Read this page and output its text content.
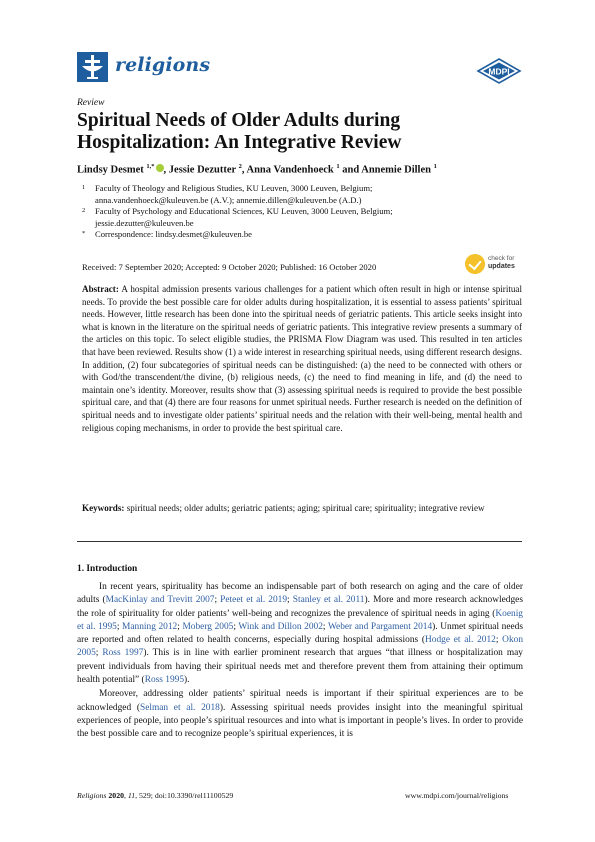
religions	MDPI
Review
Spiritual Needs of Older Adults during Hospitalization: An Integrative Review
Lindsy Desmet $^{1,*}$ , Jessie Dezutter $^2$, Anna Vandenhoeck $^1$ and Annemie Dillen $^1$
1 Faculty of Theology and Religious Studies, KU Leuven, 3000 Leuven, Belgium;
anna.vandenhoeck@kuleuven.be (A.V.); annemie.dillen@kuleuven.be (A.D.)
2 Faculty of Psychology and Educational Sciences, KU Leuven, 3000 Leuven, Belgium;
jessie.dezutter@kuleuven.be
* Correspondence: lindsy.desmet@kuleuven.be
Received: 7 September 2020; Accepted: 9 October 2020; Published: 16 October 2020
check for
updates
Abstract: A hospital admission presents various challenges for a patient which often result in high or intense spiritual needs. To provide the best possible care for older adults during hospitalization, it is essential to assess patients’ spiritual needs. However, little research has been done into the spiritual needs of geriatric patients. This article seeks insight into what is known in the literature on the spiritual needs of geriatric patients. This integrative review presents a summary of the articles on this topic. To select eligible studies, the PRISMA Flow Diagram was used. This resulted in ten articles that have been reviewed. Results show (1) a wide interest in researching spiritual needs, using different research designs. In addition, (2) four subcategories of spiritual needs can be distinguished: (a) the need to be connected with others or with God/the transcendent/the divine, (b) religious needs, (c) the need to find meaning in life, and (d) the need to maintain one’s identity. Moreover, results show that (3) assessing spiritual needs is required to provide the best possible spiritual care, and that (4) there are four reasons for unmet spiritual needs. Further research is needed on the definition of spiritual needs and to investigate older patients’ spiritual needs and the relation with their well-being, mental health and religious coping mechanisms, in order to provide the best spiritual care.
Keywords: spiritual needs; older adults; geriatric patients; aging; spiritual care; spirituality; integrative review
1. Introduction

In recent years, spirituality has become an indispensable part of both research on aging and the care of older adults (MacKinlay and Trevitt 2007; Peteet et al. 2019; Stanley et al. 2011). More and more research acknowledges the role of spirituality for older patients’ well-being and recognizes the prevalence of spiritual needs in aging (Koenig et al. 1995; Manning 2012; Moberg 2005; Wink and Dillon 2002; Weber and Pargament 2014). Unmet spiritual needs are reported and often related to health concerns, especially during hospital admissions (Hodge et al. 2012; Okon 2005; Ross 1997). This is in line with earlier prominent research that argues “that illness or hospitalization may prevent individuals from having their spiritual needs met and therefore prevent them from attaining their optimum health potential” (Ross 1995).

Moreover, addressing older patients’ spiritual needs is important if their spiritual experiences are to be acknowledged (Selman et al. 2018). Assessing spiritual needs provides insight into the meaningful spiritual experiences of people, into people’s spiritual resources and into what is important in people’s lives. In order to provide the best possible care and to recognize people’s spiritual experiences, it is

Religions 2020, 11, 529; doi:10.3390/rel11100529	www.mdpi.com/journal/religions
